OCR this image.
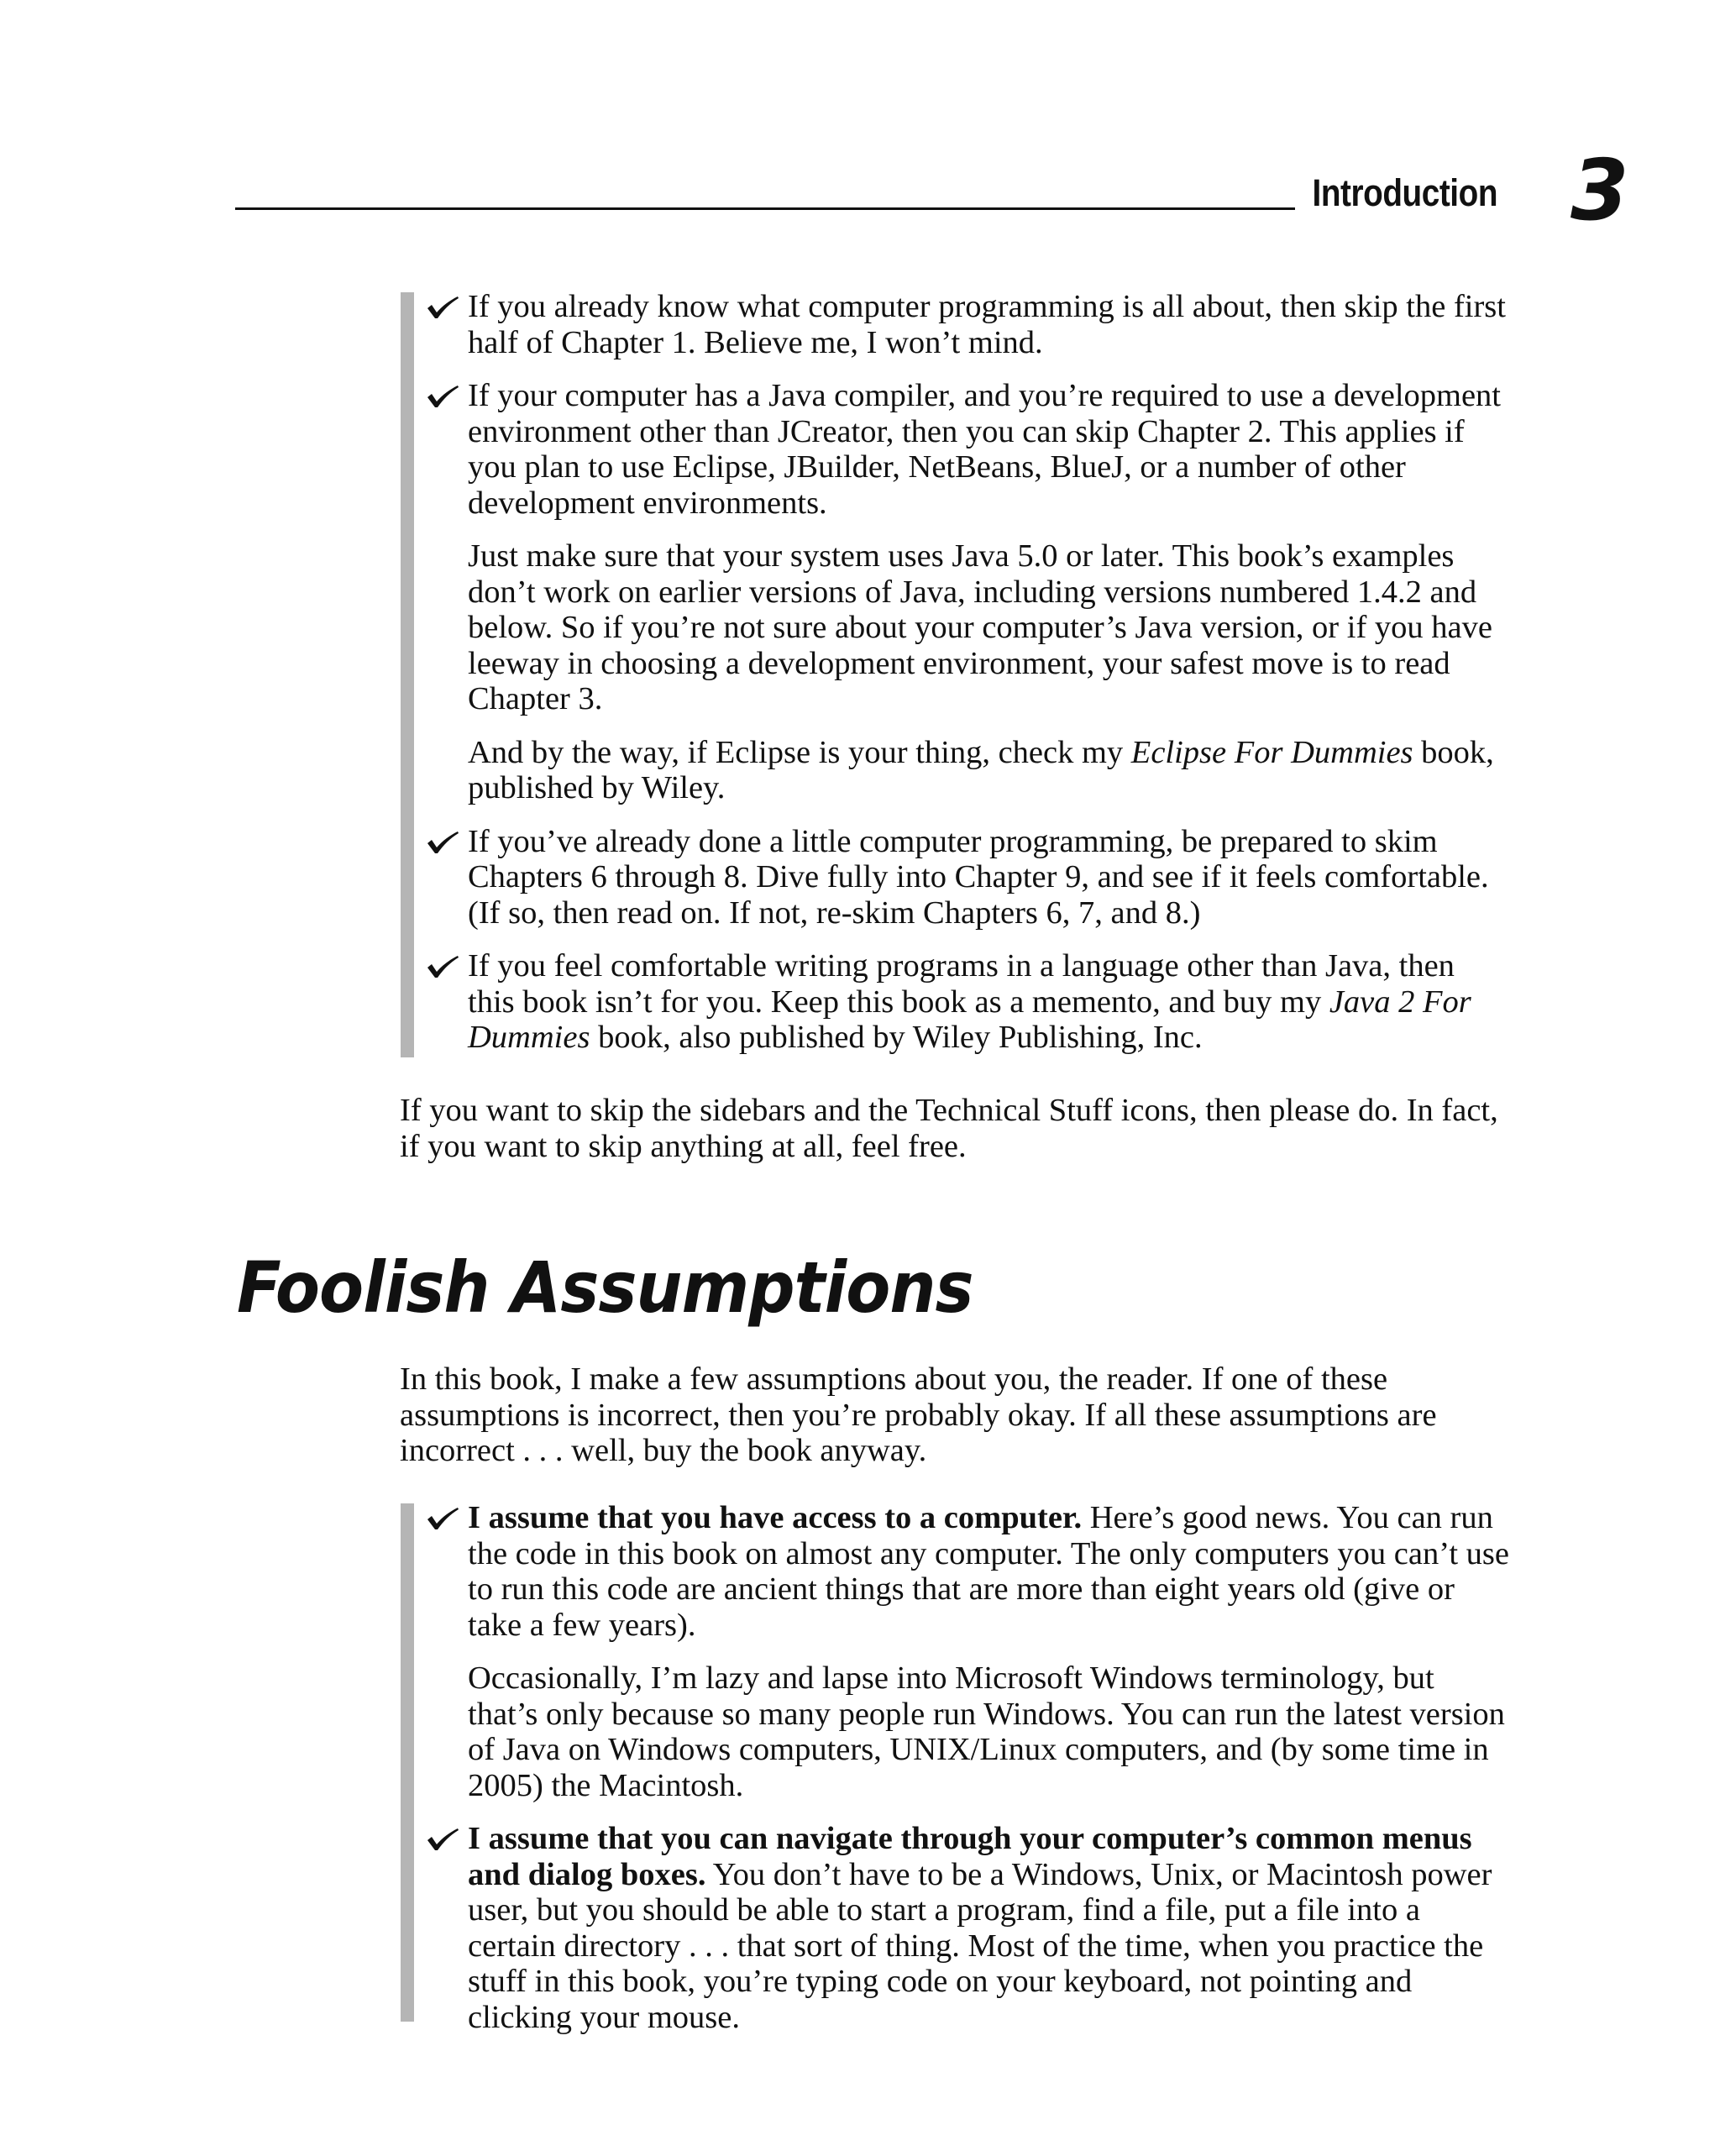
Introduction 3

If you already know what computer programming is all about, then skip the first half of Chapter 1. Believe me, I won’t mind.

If your computer has a Java compiler, and you’re required to use a development environment other than JCreator, then you can skip Chapter 2. This applies if you plan to use Eclipse, JBuilder, NetBeans, BlueJ, or a number of other development environments.

Just make sure that your system uses Java 5.0 or later. This book’s examples don’t work on earlier versions of Java, including versions numbered 1.4.2 and below. So if you’re not sure about your computer’s Java version, or if you have leeway in choosing a development environment, your safest move is to read Chapter 3.

And by the way, if Eclipse is your thing, check my Eclipse For Dummies book, published by Wiley.

If you’ve already done a little computer programming, be prepared to skim Chapters 6 through 8. Dive fully into Chapter 9, and see if it feels comfortable. (If so, then read on. If not, re-skim Chapters 6, 7, and 8.)

If you feel comfortable writing programs in a language other than Java, then this book isn’t for you. Keep this book as a memento, and buy my Java 2 For Dummies book, also published by Wiley Publishing, Inc.

If you want to skip the sidebars and the Technical Stuff icons, then please do. In fact, if you want to skip anything at all, feel free.

Foolish Assumptions

In this book, I make a few assumptions about you, the reader. If one of these assumptions is incorrect, then you’re probably okay. If all these assumptions are incorrect . . . well, buy the book anyway.

I assume that you have access to a computer. Here’s good news. You can run the code in this book on almost any computer. The only computers you can’t use to run this code are ancient things that are more than eight years old (give or take a few years).

Occasionally, I’m lazy and lapse into Microsoft Windows terminology, but that’s only because so many people run Windows. You can run the latest version of Java on Windows computers, UNIX/Linux computers, and (by some time in 2005) the Macintosh.

I assume that you can navigate through your computer’s common menus and dialog boxes. You don’t have to be a Windows, Unix, or Macintosh power user, but you should be able to start a program, find a file, put a file into a certain directory . . . that sort of thing. Most of the time, when you practice the stuff in this book, you’re typing code on your keyboard, not pointing and clicking your mouse.
